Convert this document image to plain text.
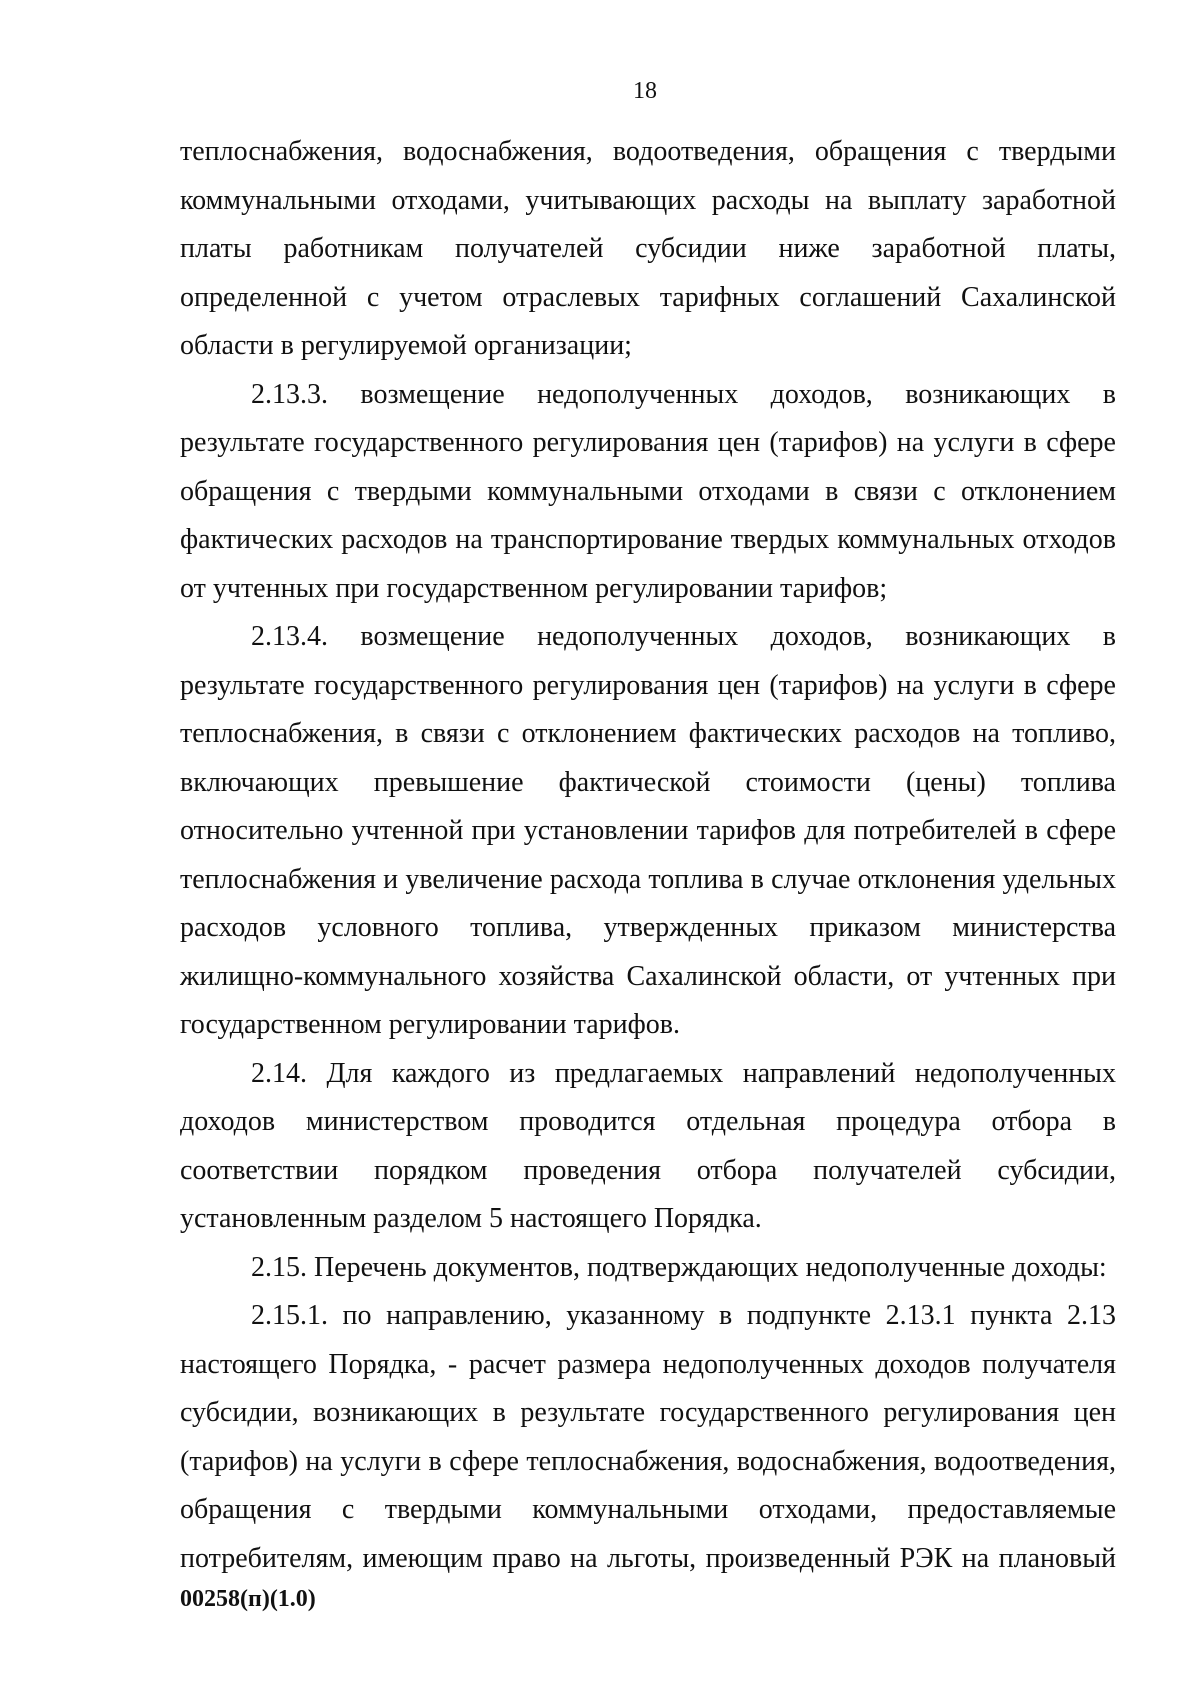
18

теплоснабжения, водоснабжения, водоотведения, обращения с твердыми коммунальными отходами, учитывающих расходы на выплату заработной платы работникам получателей субсидии ниже заработной платы, определенной с учетом отраслевых тарифных соглашений Сахалинской области в регулируемой организации;

2.13.3. возмещение недополученных доходов, возникающих в результате государственного регулирования цен (тарифов) на услуги в сфере обращения с твердыми коммунальными отходами в связи с отклонением фактических расходов на транспортирование твердых коммунальных отходов от учтенных при государственном регулировании тарифов;

2.13.4. возмещение недополученных доходов, возникающих в результате государственного регулирования цен (тарифов) на услуги в сфере теплоснабжения, в связи с отклонением фактических расходов на топливо, включающих превышение фактической стоимости (цены) топлива относительно учтенной при установлении тарифов для потребителей в сфере теплоснабжения и увеличение расхода топлива в случае отклонения удельных расходов условного топлива, утвержденных приказом министерства жилищно-коммунального хозяйства Сахалинской области, от учтенных при государственном регулировании тарифов.

2.14. Для каждого из предлагаемых направлений недополученных доходов министерством проводится отдельная процедура отбора в соответствии порядком проведения отбора получателей субсидии, установленным разделом 5 настоящего Порядка.

2.15. Перечень документов, подтверждающих недополученные доходы:

2.15.1. по направлению, указанному в подпункте 2.13.1 пункта 2.13 настоящего Порядка, - расчет размера недополученных доходов получателя субсидии, возникающих в результате государственного регулирования цен (тарифов) на услуги в сфере теплоснабжения, водоснабжения, водоотведения, обращения с твердыми коммунальными отходами, предоставляемые потребителям, имеющим право на льготы, произведенный РЭК на плановый

00258(п)(1.0)
